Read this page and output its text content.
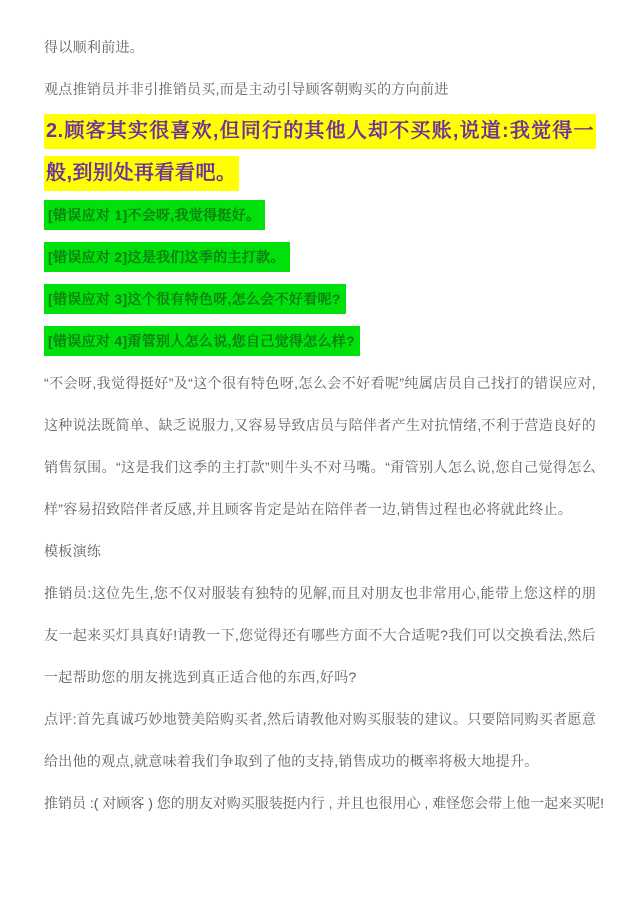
得以顺利前进。

观点推销员并非引推销员买,而是主动引导顾客朝购买的方向前进

2.顾客其实很喜欢,但同行的其他人却不买账,说道:我觉得一般,到别处再看看吧。

[错误应对 1]不会呀,我觉得挺好。

[错误应对 2]这是我们这季的主打款。

[错误应对 3]这个很有特色呀,怎么会不好看呢?

[错误应对 4]甭管别人怎么说,您自己觉得怎么样?

“不会呀,我觉得挺好”及“这个很有特色呀,怎么会不好看呢”纯属店员自己找打的错误应对,这种说法既简单、缺乏说服力,又容易导致店员与陪伴者产生对抗情绪,不利于营造良好的销售氛围。“这是我们这季的主打款”则牛头不对马嘴。“甭管别人怎么说,您自己觉得怎么样”容易招致陪伴者反感,并且顾客肯定是站在陪伴者一边,销售过程也必将就此终止。

模板演练

推销员:这位先生,您不仅对服装有独特的见解,而且对朋友也非常用心,能带上您这样的朋友一起来买灯具真好!请教一下,您觉得还有哪些方面不大合适呢?我们可以交换看法,然后一起帮助您的朋友挑选到真正适合他的东西,好吗?

点评:首先真诚巧妙地赞美陪购买者,然后请教他对购买服装的建议。只要陪同购买者愿意给出他的观点,就意味着我们争取到了他的支持,销售成功的概率将极大地提升。

推销员 :( 对顾客 ) 您的朋友对购买服装挺内行 , 并且也很用心 , 难怪您会带上他一起来买呢!
